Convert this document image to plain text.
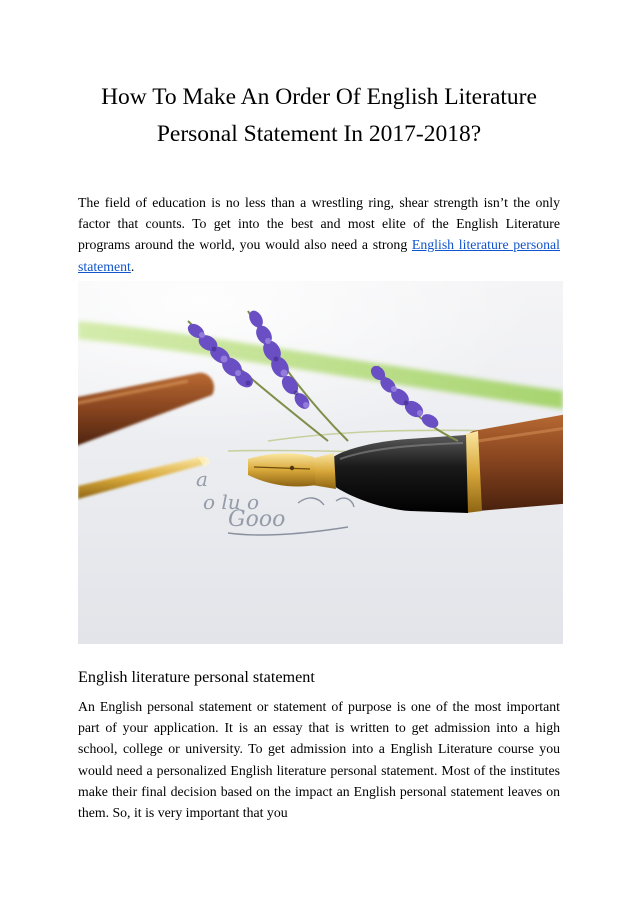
How To Make An Order Of English Literature Personal Statement In 2017-2018?

The field of education is no less than a wrestling ring, shear strength isn’t the only factor that counts. To get into the best and most elite of the English Literature programs around the world, you would also need a strong English literature personal statement.

a
o lu o
Gooo
English literature personal statement

An English personal statement or statement of purpose is one of the most important part of your application. It is an essay that is written to get admission into a high school, college or university. To get admission into a English Literature course you would need a personalized English literature personal statement. Most of the institutes make their final decision based on the impact an English personal statement leaves on them. So, it is very important that you
